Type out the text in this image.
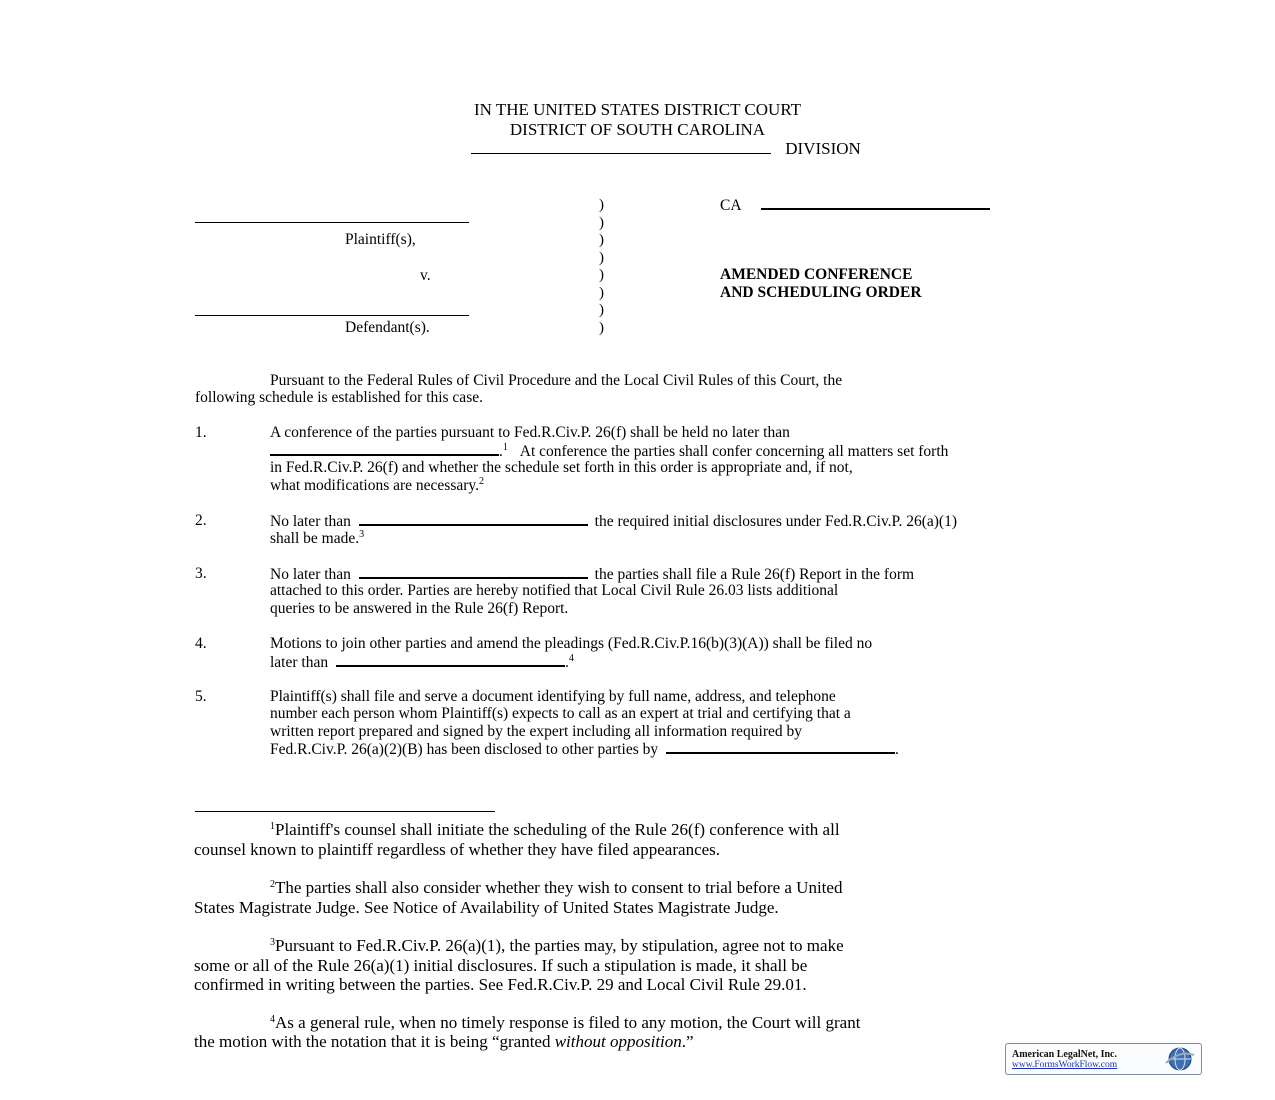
IN THE UNITED STATES DISTRICT COURT
DISTRICT OF SOUTH CAROLINA
DIVISION
)
)
)
)
)
)
)
)
Plaintiff(s),
v.
Defendant(s).
CA
AMENDED CONFERENCE
AND SCHEDULING ORDER
Pursuant to the Federal Rules of Civil Procedure and the Local Civil Rules of this Court, the
following schedule is established for this case.
1.	A conference of the parties pursuant to Fed.R.Civ.P. 26(f) shall be held no later than
.$^1$ At conference the parties shall confer concerning all matters set forth
in Fed.R.Civ.P. 26(f) and whether the schedule set forth in this order is appropriate and, if not,
what modifications are necessary.$^2$
2.	No later than	the required initial disclosures under Fed.R.Civ.P. 26(a)(1)
shall be made.$^3$
3.	No later than	the parties shall file a Rule 26(f) Report in the form
attached to this order. Parties are hereby notified that Local Civil Rule 26.03 lists additional
queries to be answered in the Rule 26(f) Report.
4.	Motions to join other parties and amend the pleadings (Fed.R.Civ.P.16(b)(3)(A)) shall be filed no
later than	.$^4$
5.	Plaintiff(s) shall file and serve a document identifying by full name, address, and telephone
number each person whom Plaintiff(s) expects to call as an expert at trial and certifying that a
written report prepared and signed by the expert including all information required by
Fed.R.Civ.P. 26(a)(2)(B) has been disclosed to other parties by	.
$^1$Plaintiff's counsel shall initiate the scheduling of the Rule 26(f) conference with all
counsel known to plaintiff regardless of whether they have filed appearances.
$^2$The parties shall also consider whether they wish to consent to trial before a United
States Magistrate Judge. See Notice of Availability of United States Magistrate Judge.
$^3$Pursuant to Fed.R.Civ.P. 26(a)(1), the parties may, by stipulation, agree not to make
some or all of the Rule 26(a)(1) initial disclosures. If such a stipulation is made, it shall be
confirmed in writing between the parties. See Fed.R.Civ.P. 29 and Local Civil Rule 29.01.
$^4$As a general rule, when no timely response is filed to any motion, the Court will grant
the motion with the notation that it is being “granted without opposition.”
American LegalNet, Inc.
www.FormsWorkFlow.com
